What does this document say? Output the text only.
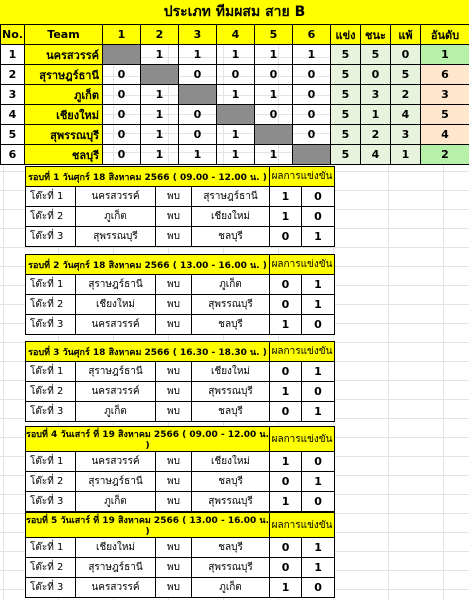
ประเภท ทีมผสม สาย B
No.	Team	1	2	3	4	5	6	แข่ง	ชนะ	แพ้	อันดับ
1	นครสวรรค์		1	1	1	1	1	5	5	0	1
2	สุราษฎร์ธานี	0		0	0	0	0	5	0	5	6
3	ภูเก็ต	0	1		1	1	0	5	3	2	3
4	เชียงใหม่	0	1	0		0	0	5	1	4	5
5	สุพรรณบุรี	0	1	0	1		0	5	2	3	4
6	ชลบุรี	0	1	1	1	1		5	4	1	2
รอบที่ 1 วันศุกร์ 18 สิงหาคม 2566 ( 09.00 - 12.00 น. )				ผลการแข่งขัน	
โต๊ะที่ 1	นครสวรรค์	พบ	สุราษฎร์ธานี	1	0
โต๊ะที่ 2	ภูเก็ต	พบ	เชียงใหม่	1	0
โต๊ะที่ 3	สุพรรณบุรี	พบ	ชลบุรี	0	1
รอบที่ 2 วันศุกร์ 18 สิงหาคม 2566 ( 13.00 - 16.00 น. )				ผลการแข่งขัน	
โต๊ะที่ 1	สุราษฎร์ธานี	พบ	ภูเก็ต	0	1
โต๊ะที่ 2	เชียงใหม่	พบ	สุพรรณบุรี	0	1
โต๊ะที่ 3	นครสวรรค์	พบ	ชลบุรี	1	0
รอบที่ 3 วันศุกร์ 18 สิงหาคม 2566 ( 16.30 - 18.30 น. )				ผลการแข่งขัน	
โต๊ะที่ 1	สุราษฎร์ธานี	พบ	เชียงใหม่	0	1
โต๊ะที่ 2	นครสวรรค์	พบ	สุพรรณบุรี	1	0
โต๊ะที่ 3	ภูเก็ต	พบ	ชลบุรี	0	1
รอบที่ 4 วันเสาร์ ที่ 19 สิงหาคม 2566 ( 09.00 - 12.00 น. )				ผลการแข่งขัน	
โต๊ะที่ 1	นครสวรรค์	พบ	เชียงใหม่	1	0
โต๊ะที่ 2	สุราษฎร์ธานี	พบ	ชลบุรี	0	1
โต๊ะที่ 3	ภูเก็ต	พบ	สุพรรณบุรี	1	0
รอบที่ 5 วันเสาร์ ที่ 19 สิงหาคม 2566 ( 13.00 - 16.00 น. )				ผลการแข่งขัน	
โต๊ะที่ 1	เชียงใหม่	พบ	ชลบุรี	0	1
โต๊ะที่ 2	สุราษฎร์ธานี	พบ	สุพรรณบุรี	0	1
โต๊ะที่ 3	นครสวรรค์	พบ	ภูเก็ต	1	0
